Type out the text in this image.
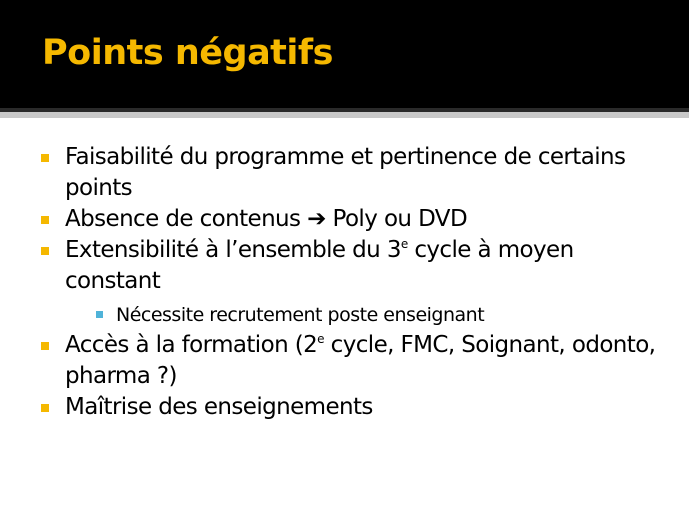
Points négatifs
Faisabilité du programme et pertinence de certains points
Absence de contenus ➔ Poly ou DVD
Extensibilité à l’ensemble du 3e cycle à moyen constant
Nécessite recrutement poste enseignant
Accès à la formation (2e cycle, FMC, Soignant, odonto, pharma ?)
Maîtrise des enseignements
